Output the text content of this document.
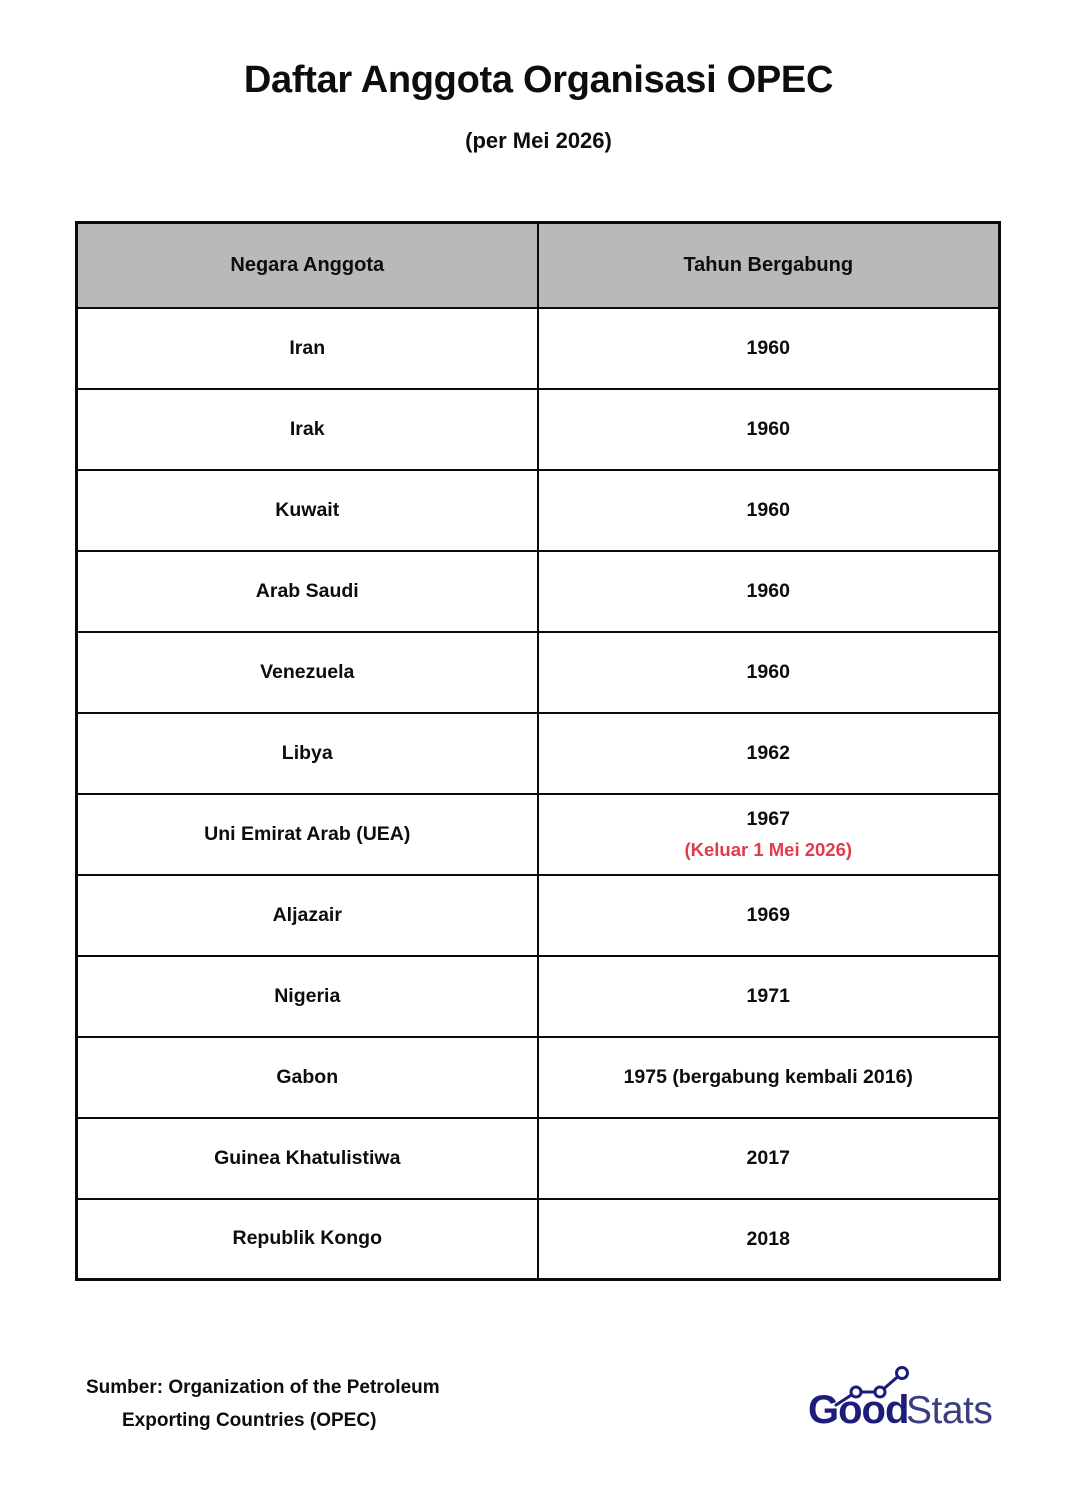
Daftar Anggota Organisasi OPEC
(per Mei 2026)
Negara Anggota	Tahun Bergabung
Iran	1960

Irak	1960

Kuwait	1960

Arab Saudi	1960

Venezuela	1960

Libya	1962

Uni Emirat Arab (UEA)	1967
(Keluar 1 Mei 2026)

Aljazair	1969

Nigeria	1971

Gabon	1975 (bergabung kembali 2016)

Guinea Khatulistiwa	2017

Republik Kongo	2018
Sumber: Organization of the Petroleum
Exporting Countries (OPEC)	Good
Stats
